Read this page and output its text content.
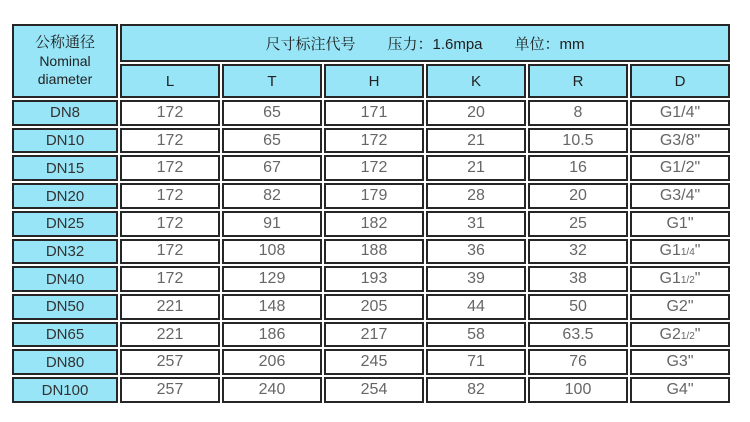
公称通径
Nominal
diameter

尺寸标注代号	压力：1.6mpa	单位：mm

	L	T	H	K	R	D
DN8	172	65	171	20	8	G1/4"
DN10	172	65	172	21	10.5	G3/8"
DN15	172	67	172	21	16	G1/2"
DN20	172	82	179	28	20	G3/4"
DN25	172	91	182	31	25	G1"
DN32	172	108	188	36	32	G11/4"
DN40	172	129	193	39	38	G11/2"
DN50	221	148	205	44	50	G2"
DN65	221	186	217	58	63.5	G21/2"
DN80	257	206	245	71	76	G3"
DN100	257	240	254	82	100	G4"
